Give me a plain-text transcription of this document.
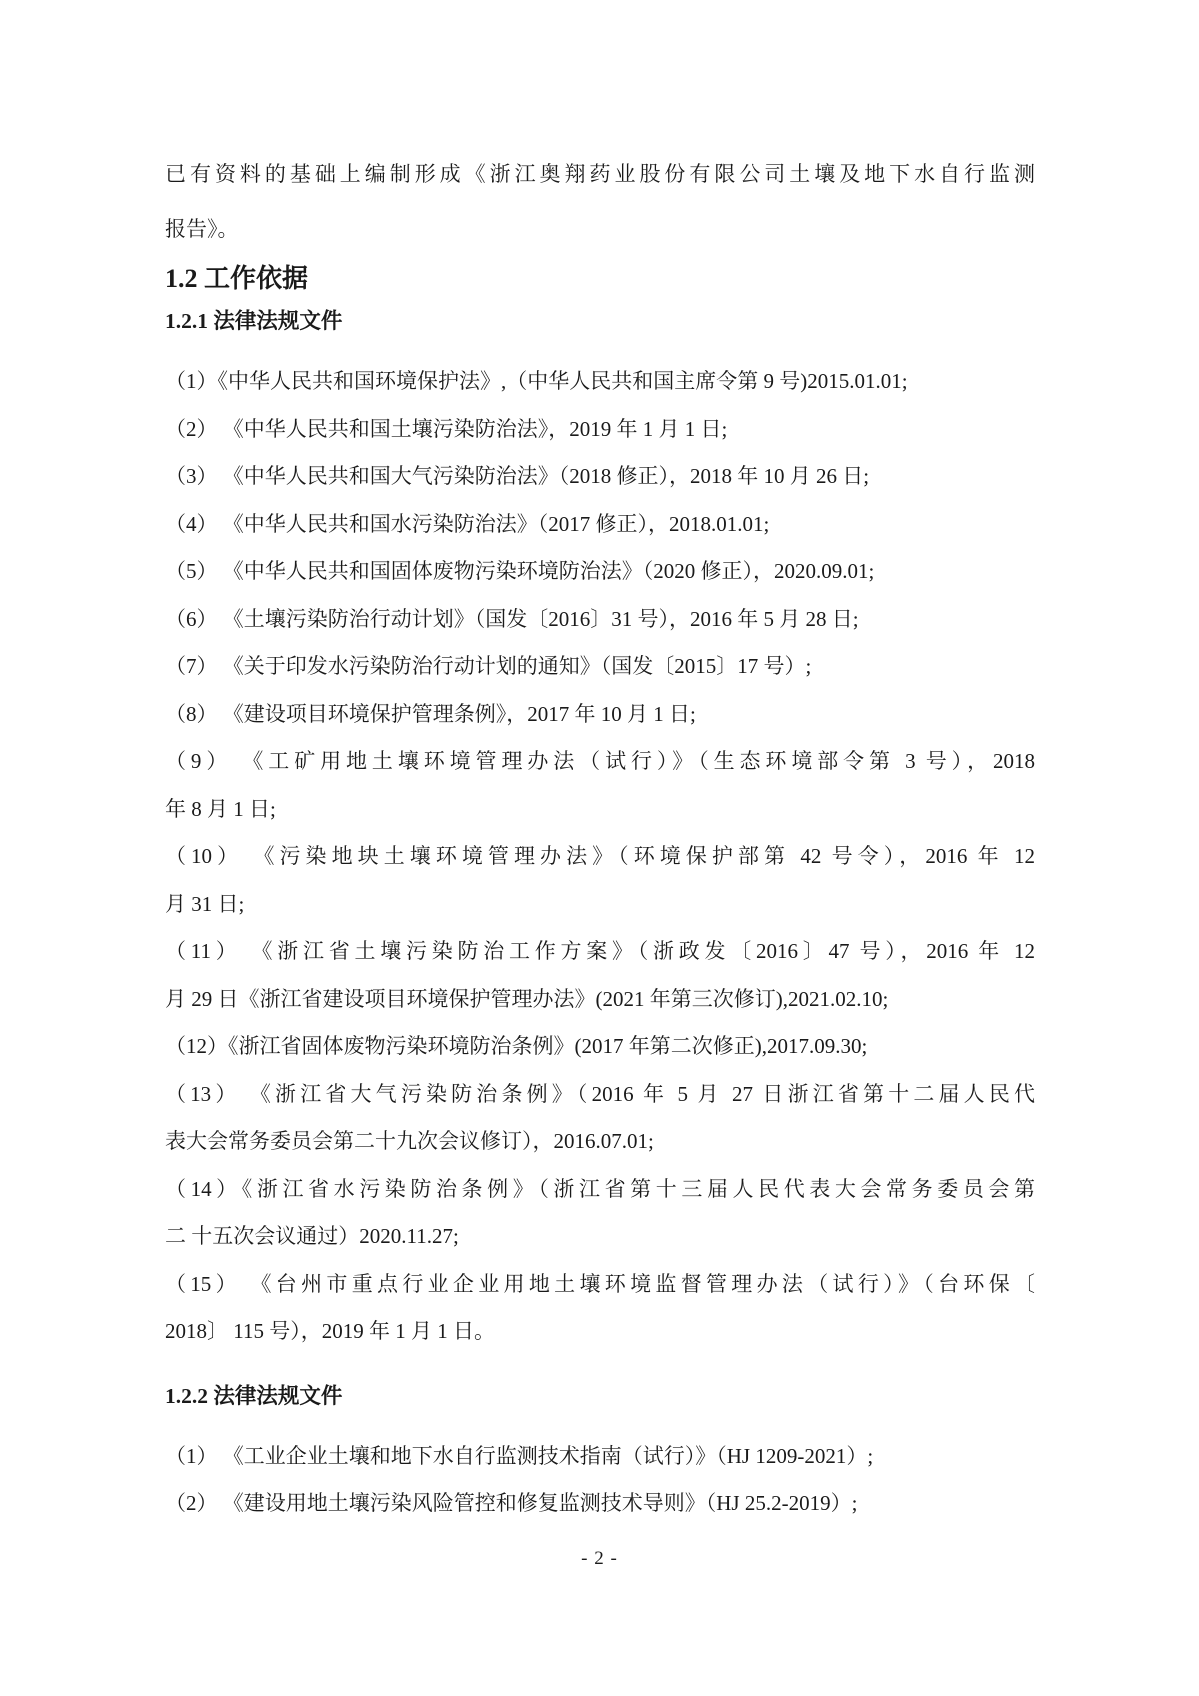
已有资料的基础上编制形成《浙江奥翔药业股份有限公司土壤及地下水自行监测
报告》。
1.2 工作依据
1.2.1 法律法规文件
（1）《中华人民共和国环境保护法》,（中华人民共和国主席令第 9 号)2015.01.01;
（2） 《中华人民共和国土壤污染防治法》，2019 年 1 月 1 日;
（3） 《中华人民共和国大气污染防治法》（2018 修正），2018 年 10 月 26 日;
（4） 《中华人民共和国水污染防治法》（2017 修正），2018.01.01;
（5） 《中华人民共和国固体废物污染环境防治法》（2020 修正），2020.09.01;
（6） 《土壤污染防治行动计划》（国发〔2016〕31 号），2016 年 5 月 28 日;
（7） 《关于印发水污染防治行动计划的通知》（国发〔2015〕17 号）;
（8） 《建设项目环境保护管理条例》，2017 年 10 月 1 日;
（9） 《工矿用地土壤环境管理办法（试行）》（生态环境部令第 3 号），2018
年 8 月 1 日;
（10） 《污染地块土壤环境管理办法》（环境保护部第 42 号令），2016 年 12
月 31 日;
（11） 《浙江省土壤污染防治工作方案》（浙政发〔2016〕47 号），2016 年 12
月 29 日《浙江省建设项目环境保护管理办法》(2021 年第三次修订),2021.02.10;
（12）《浙江省固体废物污染环境防治条例》(2017 年第二次修正),2017.09.30;
（13） 《浙江省大气污染防治条例》（2016 年 5 月 27 日浙江省第十二届人民代
表大会常务委员会第二十九次会议修订），2016.07.01;
（14）《浙江省水污染防治条例》（浙江省第十三届人民代表大会常务委员会第
二 十五次会议通过）2020.11.27;
（15） 《台州市重点行业企业用地土壤环境监督管理办法（试行）》（台环保〔
2018〕 115 号），2019 年 1 月 1 日。
1.2.2 法律法规文件
（1） 《工业企业土壤和地下水自行监测技术指南（试行）》（HJ 1209-2021）;
（2） 《建设用地土壤污染风险管控和修复监测技术导则》（HJ 25.2-2019）;
- 2 -
